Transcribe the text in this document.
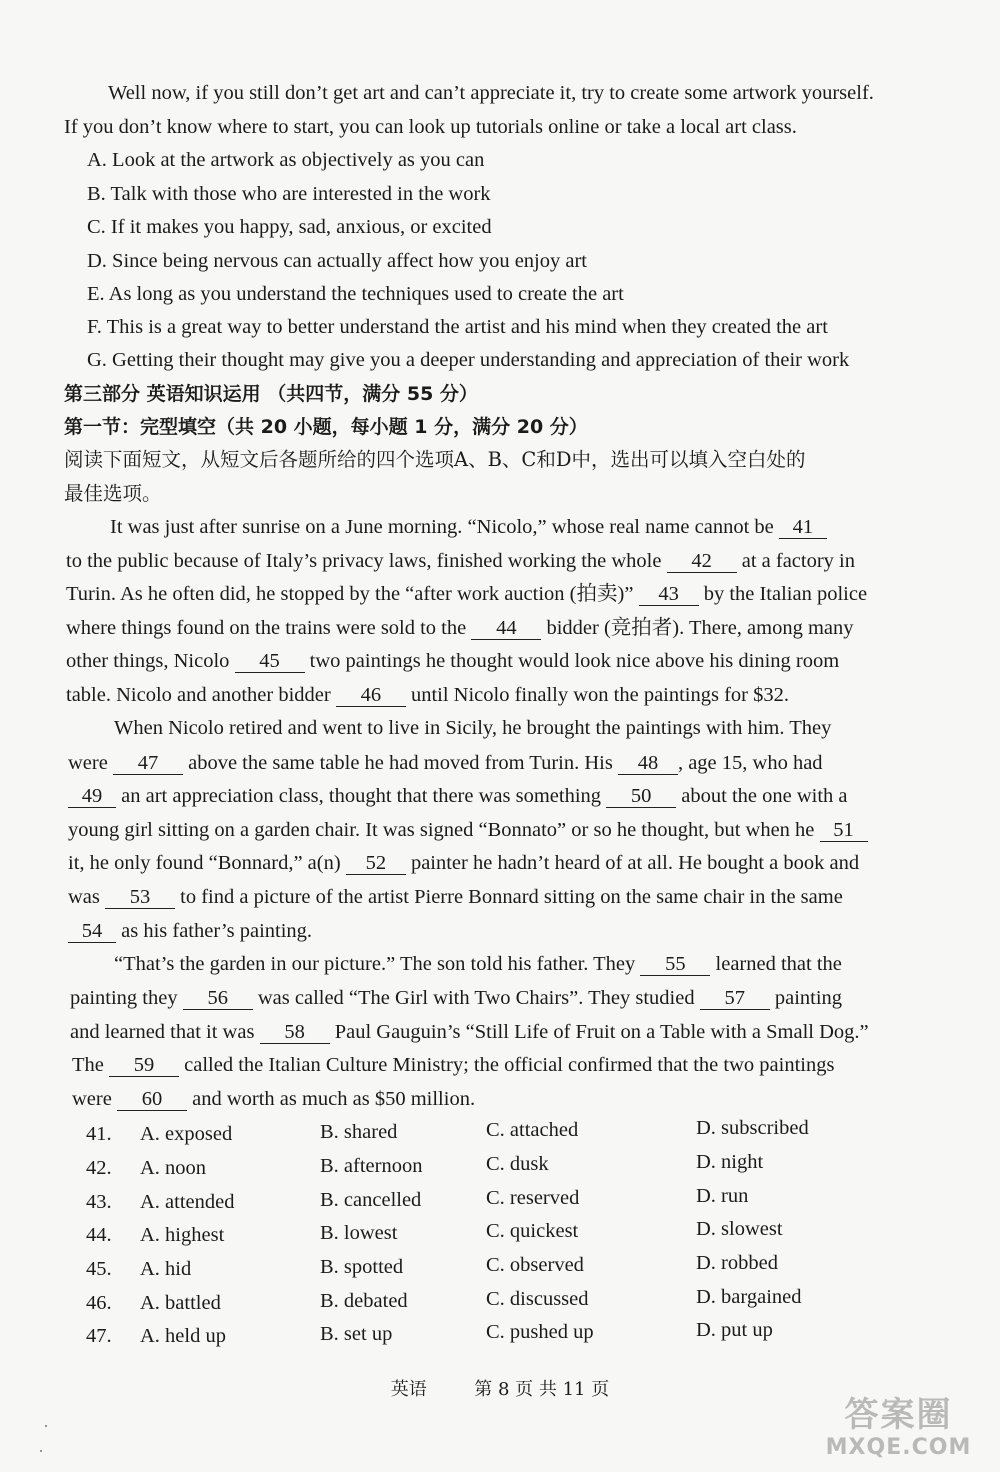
Well now, if you still don’t get art and can’t appreciate it, try to create some artwork yourself.
If you don’t know where to start, you can look up tutorials online or take a local art class.
A. Look at the artwork as objectively as you can
B. Talk with those who are interested in the work
C. If it makes you happy, sad, anxious, or excited
D. Since being nervous can actually affect how you enjoy art
E. As long as you understand the techniques used to create the art
F. This is a great way to better understand the artist and his mind when they created the art
G. Getting their thought may give you a deeper understanding and appreciation of their work
第三部分 英语知识运用 （共四节，满分 55 分）
第一节：完型填空（共 20 小题，每小题 1 分，满分 20 分）
阅读下面短文，从短文后各题所给的四个选项A、B、C和D中，选出可以填入空白处的
最佳选项。
It was just after sunrise on a June morning. “Nicolo,” whose real name cannot be 41
to the public because of Italy’s privacy laws, finished working the whole 42 at a factory in
Turin. As he often did, he stopped by the “after work auction (拍卖)” 43 by the Italian police
where things found on the trains were sold to the 44 bidder (竞拍者). There, among many
other things, Nicolo 45 two paintings he thought would look nice above his dining room
table. Nicolo and another bidder 46 until Nicolo finally won the paintings for $32.
When Nicolo retired and went to live in Sicily, he brought the paintings with him. They
were 47 above the same table he had moved from Turin. His 48 , age 15, who had
49 an art appreciation class, thought that there was something 50 about the one with a
young girl sitting on a garden chair. It was signed “Bonnato” or so he thought, but when he 51
it, he only found “Bonnard,” a(n) 52 painter he hadn’t heard of at all. He bought a book and
was 53 to find a picture of the artist Pierre Bonnard sitting on the same chair in the same
54 as his father’s painting.
“That’s the garden in our picture.” The son told his father. They 55 learned that the
painting they 56 was called “The Girl with Two Chairs”. They studied 57 painting
and learned that it was 58 Paul Gauguin’s “Still Life of Fruit on a Table with a Small Dog.”
The 59 called the Italian Culture Ministry; the official confirmed that the two paintings
were 60 and worth as much as $50 million.
41. A. exposed	B. shared	C. attached	D. subscribed
42. A. noon	B. afternoon	C. dusk	D. night
43. A. attended	B. cancelled	C. reserved	D. run
44. A. highest	B. lowest	C. quickest	D. slowest
45. A. hid	B. spotted	C. observed	D. robbed
46. A. battled	B. debated	C. discussed	D. bargained
47. A. held up	B. set up	C. pushed up	D. put up
英语	第 8 页 共 11 页
答案圈
MXQE.COM
